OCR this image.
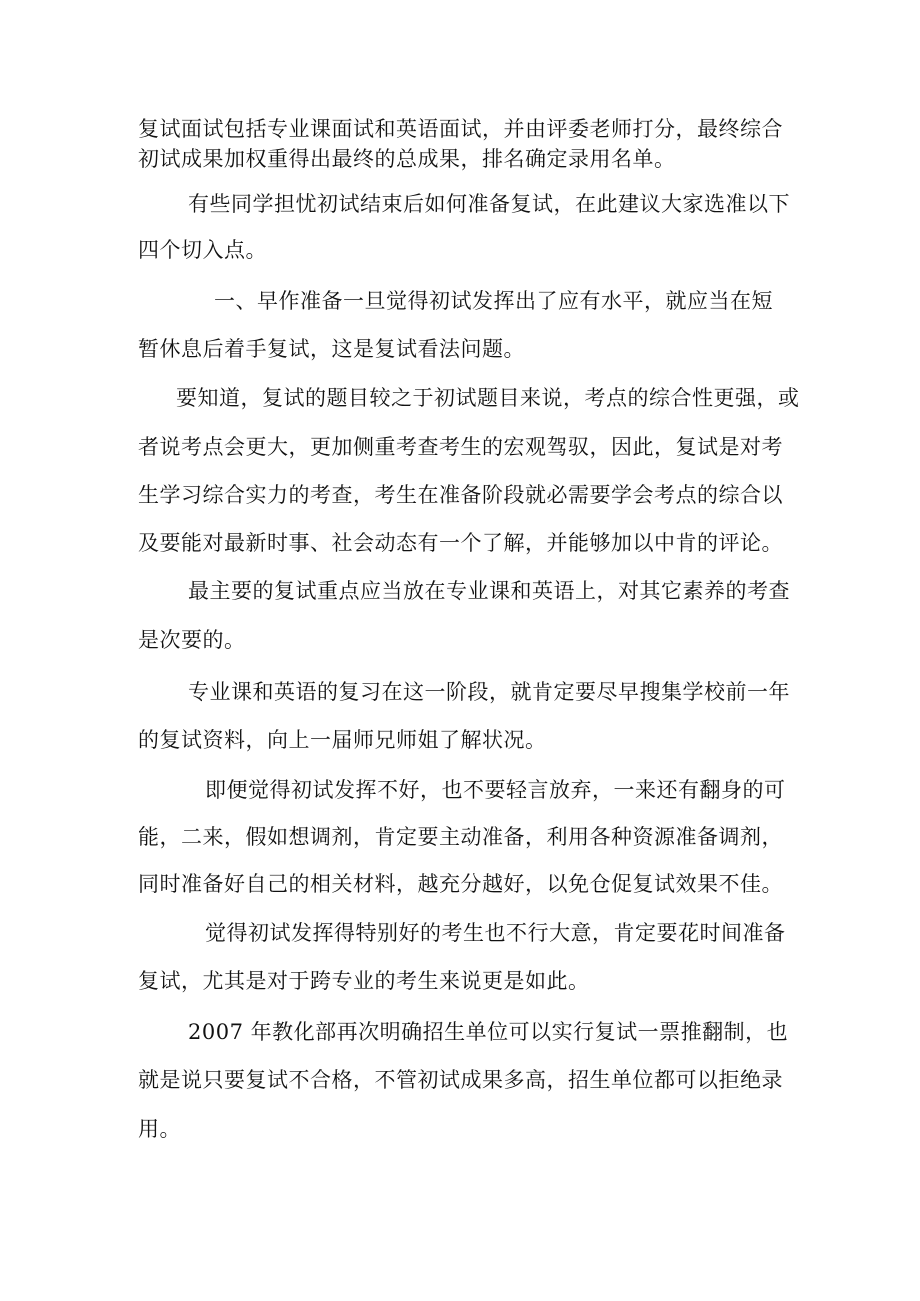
复试面试包括专业课面试和英语面试，并由评委老师打分，最终综合
初试成果加权重得出最终的总成果，排名确定录用名单。
有些同学担忧初试结束后如何准备复试，在此建议大家选准以下
四个切入点。
一、早作准备一旦觉得初试发挥出了应有水平，就应当在短
暂休息后着手复试，这是复试看法问题。
要知道，复试的题目较之于初试题目来说，考点的综合性更强，或
者说考点会更大，更加侧重考查考生的宏观驾驭，因此，复试是对考
生学习综合实力的考查，考生在准备阶段就必需要学会考点的综合以
及要能对最新时事、社会动态有一个了解，并能够加以中肯的评论。
最主要的复试重点应当放在专业课和英语上，对其它素养的考查
是次要的。
专业课和英语的复习在这一阶段，就肯定要尽早搜集学校前一年
的复试资料，向上一届师兄师姐了解状况。
即便觉得初试发挥不好，也不要轻言放弃，一来还有翻身的可
能，二来，假如想调剂，肯定要主动准备，利用各种资源准备调剂，
同时准备好自己的相关材料，越充分越好，以免仓促复试效果不佳。
觉得初试发挥得特别好的考生也不行大意，肯定要花时间准备
复试，尤其是对于跨专业的考生来说更是如此。
2007 年教化部再次明确招生单位可以实行复试一票推翻制，也
就是说只要复试不合格，不管初试成果多高，招生单位都可以拒绝录
用。
